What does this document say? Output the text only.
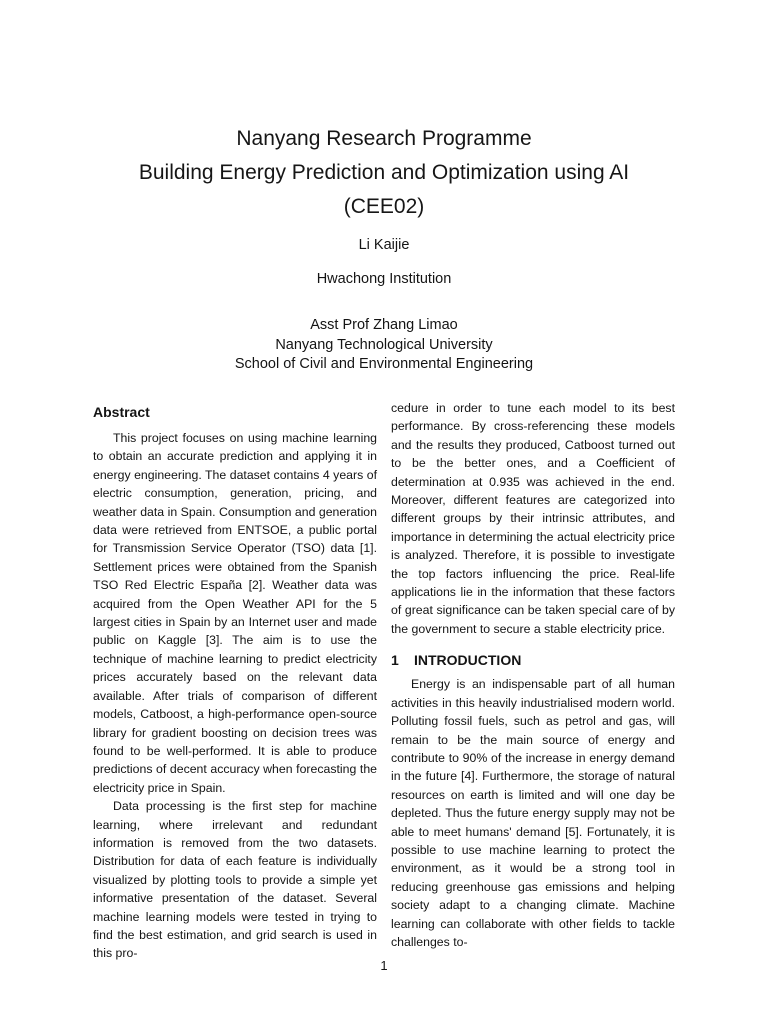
Nanyang Research Programme
Building Energy Prediction and Optimization using AI
(CEE02)

Li Kaijie

Hwachong Institution

Asst Prof Zhang Limao

Nanyang Technological University

School of Civil and Environmental Engineering

Abstract

This project focuses on using machine learning to obtain an accurate prediction and applying it in energy engineering. The dataset contains 4 years of electric consumption, generation, pricing, and weather data in Spain. Consumption and generation data were retrieved from ENTSOE, a public portal for Transmission Service Operator (TSO) data [1]. Settlement prices were obtained from the Spanish TSO Red Electric España [2]. Weather data was acquired from the Open Weather API for the 5 largest cities in Spain by an Internet user and made public on Kaggle [3]. The aim is to use the technique of machine learning to predict electricity prices accurately based on the relevant data available. After trials of comparison of different models, Catboost, a high-performance open-source library for gradient boosting on decision trees was found to be well-performed. It is able to produce predictions of decent accuracy when forecasting the electricity price in Spain.

Data processing is the first step for machine learning, where irrelevant and redundant information is removed from the two datasets. Distribution for data of each feature is individually visualized by plotting tools to provide a simple yet informative presentation of the dataset. Several machine learning models were tested in trying to find the best estimation, and grid search is used in this pro-

cedure in order to tune each model to its best performance. By cross-referencing these models and the results they produced, Catboost turned out to be the better ones, and a Coefficient of determination at 0.935 was achieved in the end. Moreover, different features are categorized into different groups by their intrinsic attributes, and importance in determining the actual electricity price is analyzed. Therefore, it is possible to investigate the top factors influencing the price. Real-life applications lie in the information that these factors of great significance can be taken special care of by the government to secure a stable electricity price.

1 INTRODUCTION

Energy is an indispensable part of all human activities in this heavily industrialised modern world. Polluting fossil fuels, such as petrol and gas, will remain to be the main source of energy and contribute to 90% of the increase in energy demand in the future [4]. Furthermore, the storage of natural resources on earth is limited and will one day be depleted. Thus the future energy supply may not be able to meet humans' demand [5]. Fortunately, it is possible to use machine learning to protect the environment, as it would be a strong tool in reducing greenhouse gas emissions and helping society adapt to a changing climate. Machine learning can collaborate with other fields to tackle challenges to-

1
